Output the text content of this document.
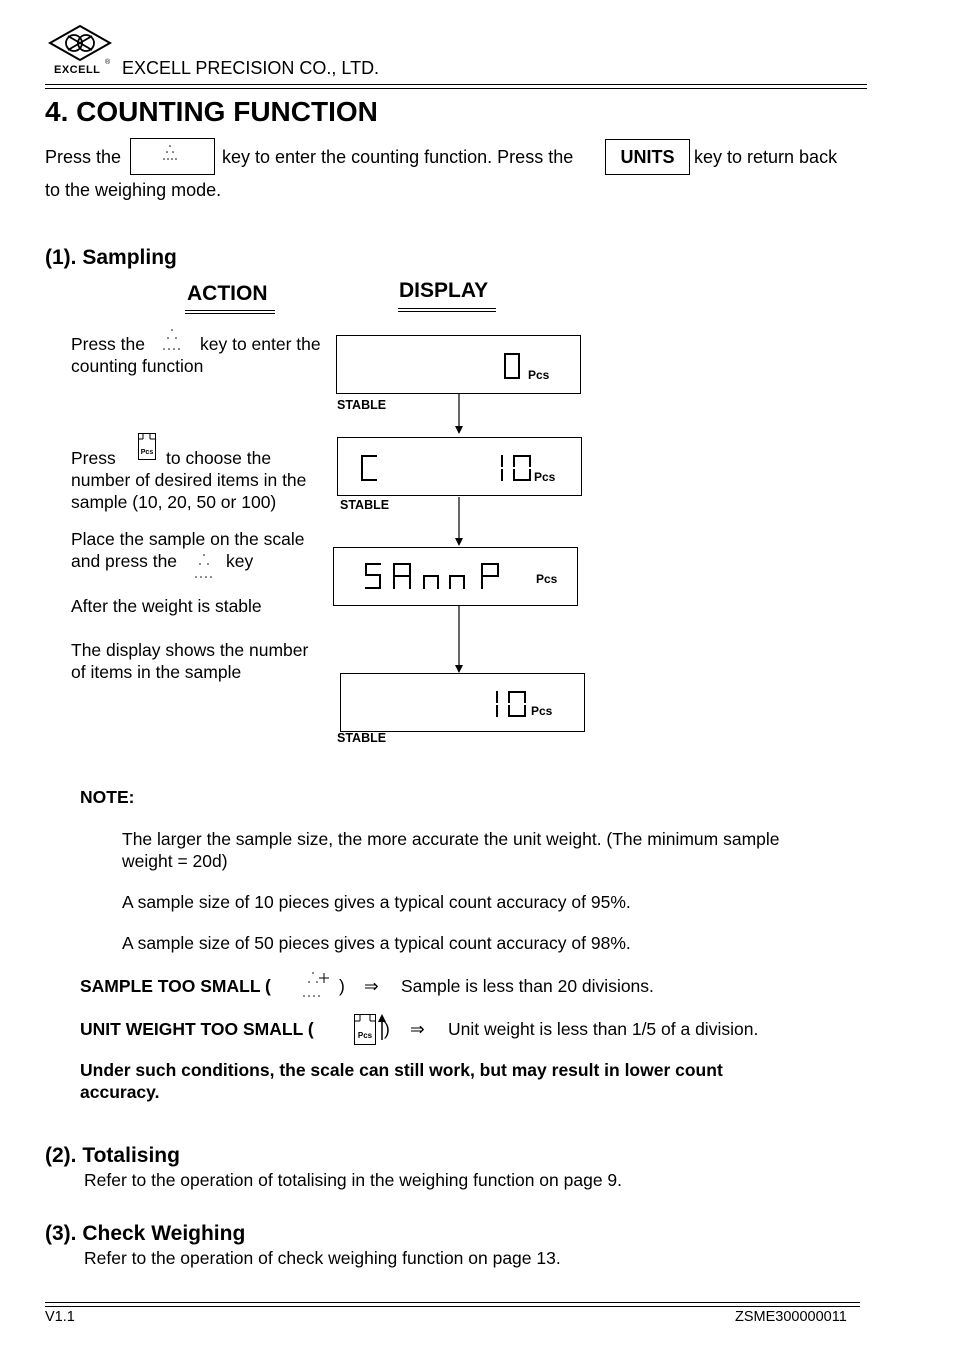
EXCELL
® EXCELL PRECISION CO., LTD.
4. COUNTING FUNCTION
Press the	key to enter the counting function. Press the	UNITS	key to return back
to the weighing mode.
(1). Sampling
ACTION	DISPLAY
Press the	key to enter the
counting function
Press	Pcs to choose the
number of desired items in the
sample (10, 20, 50 or 100)
Place the sample on the scale
and press the	key
After the weight is stable
The display shows the number
of items in the sample
Pcs
STABLE
Pcs
STABLE
Pcs
Pcs
STABLE
NOTE:
The larger the sample size, the more accurate the unit weight. (The minimum sample
weight = 20d)
A sample size of 10 pieces gives a typical count accuracy of 95%.
A sample size of 50 pieces gives a typical count accuracy of 98%.
SAMPLE TOO SMALL (	) ⇒ Sample is less than 20 divisions.
UNIT WEIGHT TOO SMALL (	Pcs ) ⇒ Unit weight is less than 1/5 of a division.
Under such conditions, the scale can still work, but may result in lower count
accuracy.
(2). Totalising
Refer to the operation of totalising in the weighing function on page 9.
(3). Check Weighing
Refer to the operation of check weighing function on page 13.
V1.1	ZSME300000011
